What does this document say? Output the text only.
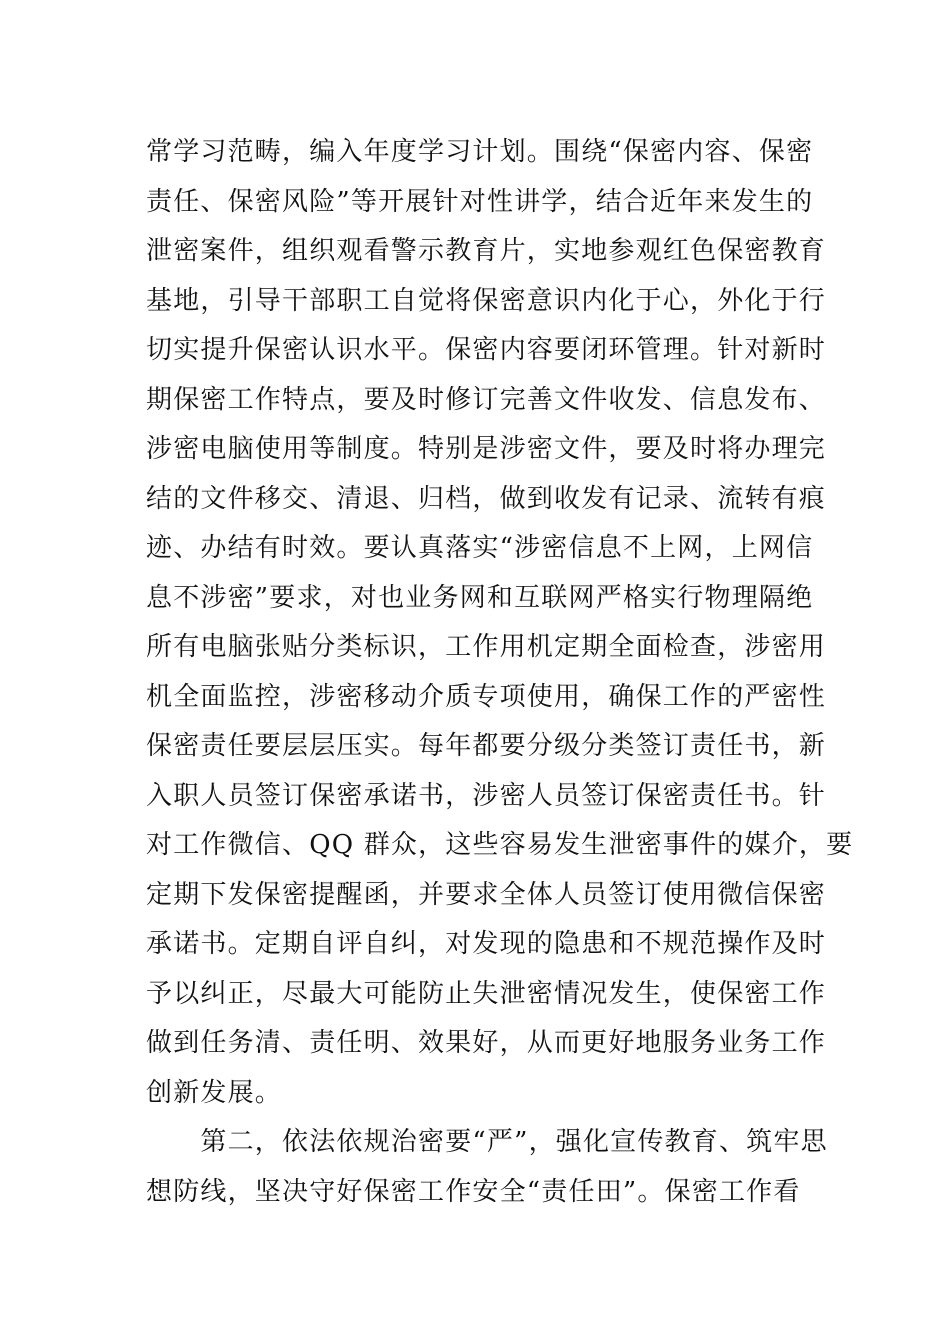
常学习范畴，编入年度学习计划。围绕“保密内容、保密
责任、保密风险”等开展针对性讲学，结合近年来发生的
泄密案件，组织观看警示教育片，实地参观红色保密教育
基地，引导干部职工自觉将保密意识内化于心，外化于行
切实提升保密认识水平。保密内容要闭环管理。针对新时
期保密工作特点，要及时修订完善文件收发、信息发布、
涉密电脑使用等制度。特别是涉密文件，要及时将办理完
结的文件移交、清退、归档，做到收发有记录、流转有痕
迹、办结有时效。要认真落实“涉密信息不上网，上网信
息不涉密”要求，对也业务网和互联网严格实行物理隔绝
所有电脑张贴分类标识，工作用机定期全面检查，涉密用
机全面监控，涉密移动介质专项使用，确保工作的严密性
保密责任要层层压实。每年都要分级分类签订责任书，新
入职人员签订保密承诺书，涉密人员签订保密责任书。针
对工作微信、QQ 群众，这些容易发生泄密事件的媒介，要
定期下发保密提醒函，并要求全体人员签订使用微信保密
承诺书。定期自评自纠，对发现的隐患和不规范操作及时
予以纠正，尽最大可能防止失泄密情况发生，使保密工作
做到任务清、责任明、效果好，从而更好地服务业务工作
创新发展。
　　第二，依法依规治密要“严”，强化宣传教育、筑牢思
想防线，坚决守好保密工作安全“责任田”。保密工作看
